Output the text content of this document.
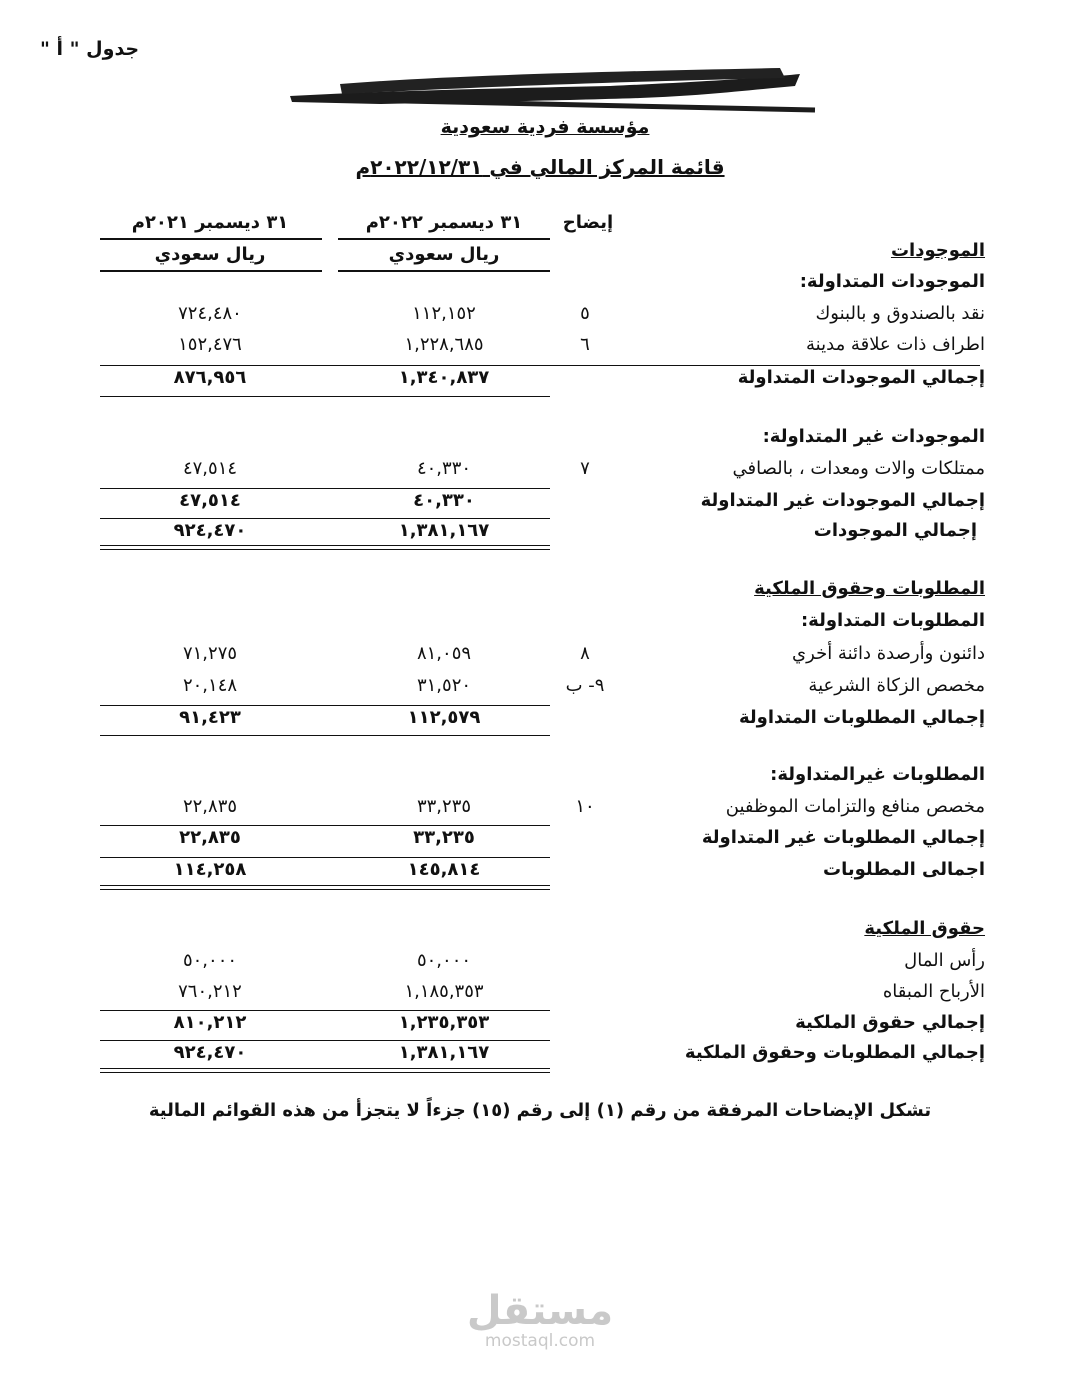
جدول " أ "
مؤسسة فردية سعودية
قائمة المركز المالي في ٢٠٢٢/١٢/٣١م
إيضاح
٣١ ديسمبر ٢٠٢٢م
٣١ ديسمبر ٢٠٢١م
ريال سعودي
ريال سعودي	الموجودات
الموجودات المتداولة:
نقد بالصندوق و بالبنوك
٥
١١٢,١٥٢
٧٢٤,٤٨٠
اطراف ذات علاقة مدينة
٦
١,٢٢٨,٦٨٥
١٥٢,٤٧٦
إجمالي الموجودات المتداولة
١,٣٤٠,٨٣٧
٨٧٦,٩٥٦
الموجودات غير المتداولة:
ممتلكات والات ومعدات ، بالصافي
٧
٤٠,٣٣٠
٤٧,٥١٤
إجمالي الموجودات غير المتداولة
٤٠,٣٣٠
٤٧,٥١٤
إجمالي الموجودات
١,٣٨١,١٦٧
٩٢٤,٤٧٠
المطلوبات وحقوق الملكية
المطلوبات المتداولة:
دائنون وأرصدة دائنة أخري
٨
٨١,٠٥٩
٧١,٢٧٥
مخصص الزكاة الشرعية
٩- ب
٣١,٥٢٠
٢٠,١٤٨
إجمالي المطلوبات المتداولة
١١٢,٥٧٩
٩١,٤٢٣
المطلوبات غيرالمتداولة:
مخصص منافع والتزامات الموظفين
١٠
٣٣,٢٣٥
٢٢,٨٣٥
إجمالي المطلوبات غير المتداولة
٣٣,٢٣٥
٢٢,٨٣٥
اجمالى المطلوبات
١٤٥,٨١٤
١١٤,٢٥٨
حقوق الملكية
رأس المال
٥٠,٠٠٠
٥٠,٠٠٠
الأرباح المبقاه
١,١٨٥,٣٥٣
٧٦٠,٢١٢
إجمالي حقوق الملكية
١,٢٣٥,٣٥٣
٨١٠,٢١٢
إجمالي المطلوبات وحقوق الملكية
١,٣٨١,١٦٧
٩٢٤,٤٧٠
تشكل الإيضاحات المرفقة من رقم (١) إلى رقم (١٥) جزءاً لا يتجزأ من هذه القوائم المالية
مستقل
mostaql.com
